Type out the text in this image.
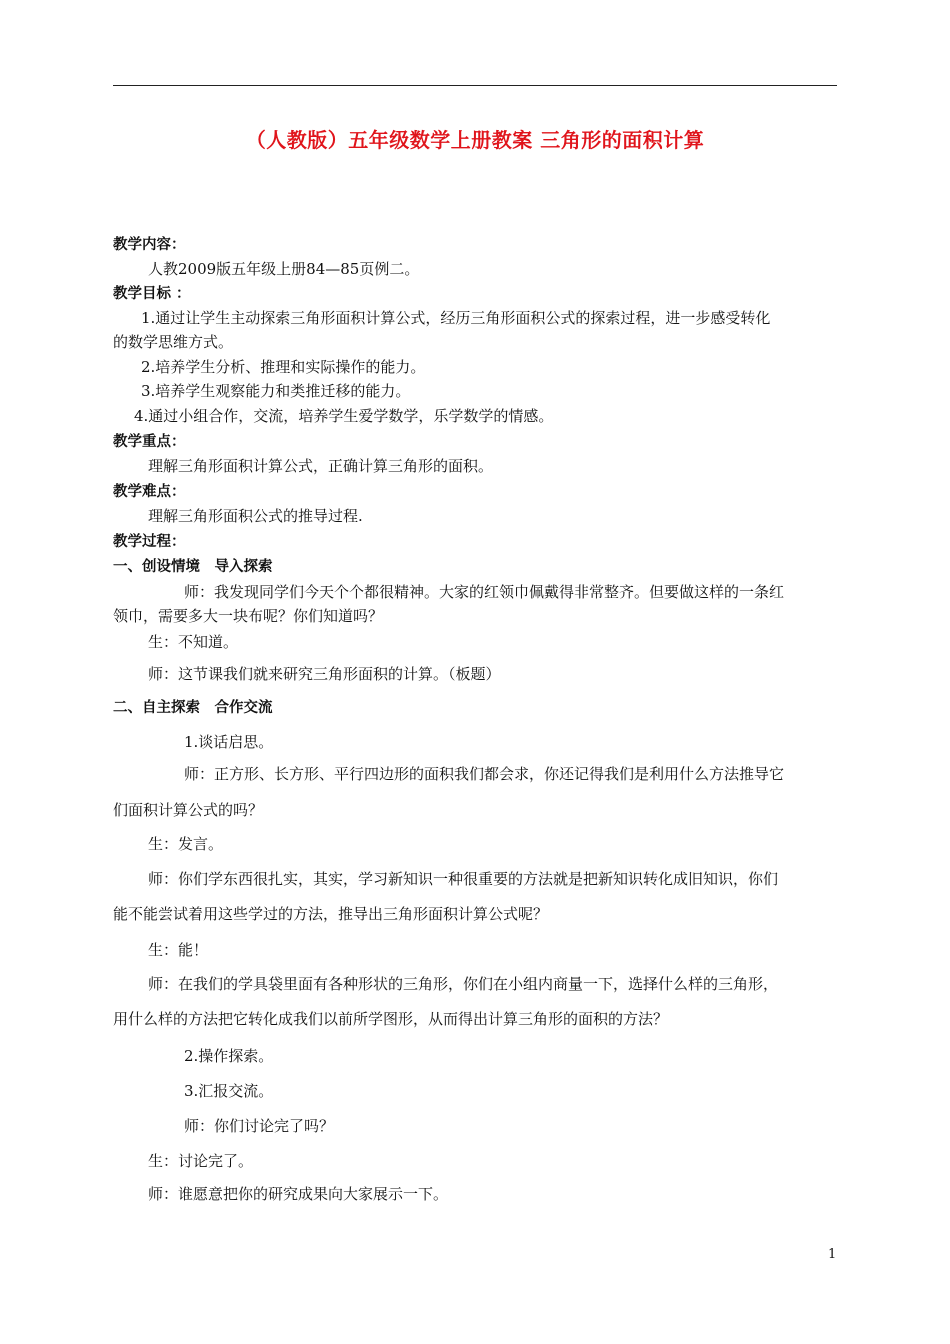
（人教版）五年级数学上册教案 三角形的面积计算
教学内容：
人教2009版五年级上册84—85页例二。
教学目标 ：
1.通过让学生主动探索三角形面积计算公式，经历三角形面积公式的探索过程，进一步感受转化
的数学思维方式。
2.培养学生分析、推理和实际操作的能力。
3.培养学生观察能力和类推迁移的能力。
4.通过小组合作，交流，培养学生爱学数学，乐学数学的情感。
教学重点：
理解三角形面积计算公式，正确计算三角形的面积。
教学难点：
理解三角形面积公式的推导过程.
教学过程：
一、创设情境　导入探索
师：我发现同学们今天个个都很精神。大家的红领巾佩戴得非常整齐。但要做这样的一条红
领巾，需要多大一块布呢？你们知道吗？
生：不知道。
师：这节课我们就来研究三角形面积的计算。（板题）
二、自主探索　合作交流
1.谈话启思。
师：正方形、长方形、平行四边形的面积我们都会求，你还记得我们是利用什么方法推导它
们面积计算公式的吗？
生：发言。
师：你们学东西很扎实，其实，学习新知识一种很重要的方法就是把新知识转化成旧知识，你们
能不能尝试着用这些学过的方法，推导出三角形面积计算公式呢？
生：能！
师：在我们的学具袋里面有各种形状的三角形，你们在小组内商量一下，选择什么样的三角形，
用什么样的方法把它转化成我们以前所学图形，从而得出计算三角形的面积的方法？
2.操作探索。
3.汇报交流。
师：你们讨论完了吗？
生：讨论完了。
师：谁愿意把你的研究成果向大家展示一下。
1
